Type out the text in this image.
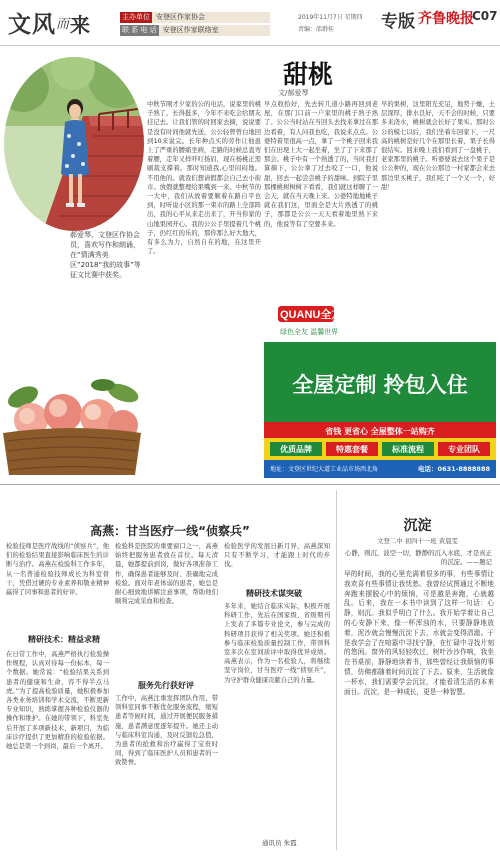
文风而来	主办单位 安登区作家协会
联 系 电 话 安登区作家联络室
2019年11月7日 星期四
责编：邵群桂	专版 齐鲁晚报
C07
郝爱琴，文登区作协会员，喜欢写作和朗诵，在“情满秀美区”2018“我的故事”等征文比赛中获奖。
甜桃
文/郝爱琴
中秋节刚才夕家的公的电话，说家里的桃子熟了，长得挺多，今年不来吃会给朋友挂记去。让我们管的时回家去摘，说说要是没有时间他就先送，公公轻曾曾白地回到10来说完。长年种点买的劳作让他患上了严重的腰痛坐病，走路的时候总直弯着腰，走年又样吓叮扬眉，现在杨桃正需刷裁支撑着。那时知道我,心里闷闷地。不用他的。就我们想请假都会自己去小街市。放假就整理给果嘴到一来。中秋节的一大中，我们从放着要顺着在路自平也到，时听说小区的那一束市的路上全部阵出，我的心平从来走出来了，开当你家的山地果园开心。我的公公手里提着几个桃子，仍红红的乐的，那你那么好大地大，有多么为力，自然自在的地，在这里开了。
早点收拾好，先去转几道小路再回到老屋，在那门口前一户家里的桃子熟子熟了。公公当时站在当回头去找来拿过在那边看着，有人问我也吃，我说来点点。公婆特着里很高一点，拿了一个桃子回来我们在田埂上大一起坐着，坐了了下来那了那会。桃子中有一个熟透了的，当时我打算摘下，公公拿了过去咬了一口，他说甜，回去一起尝尝桃子的甜味。到院子里那棵桃树树树下看看，我们就这样聊了一会天，就在当天晚上来。公婆特地地桃子就在我们这，里面全是大片熟透了的桃子，那都是公公一天天看着地里熟下来的，他说等有了空要多来。
早的果树，这里阳光充足，地势干燥，土层深厚，排水良好，天不会的时候，只要多来浇水，桃树就会长好了果实。那时公公的模七以后，我们坐着车回家下，一尺高的桃树是好几个在那里长着，果子长得很结实。回来晚上我们看到了一盘桃子，老家那里的桃子。听婆婆说去这个果子是公公种的，现在公公那边一村家都会来去那边里买桃子，我们吃了一个又一个，好甜！
QUANU全友家居
绿色全友 温馨世界
全屋定制 拎包入住
省钱 更省心 全屋整体一站购齐
优质品牌	特惠套餐	标准流程	专业团队
地址：文登区世纪大道工业品市场西北角	电话：0631-8888888
高燕：甘当医疗一线“侦察兵”
检验技师是医疗战线的“侦察兵”，他们的检验结果直接影响临床医生的诊断与治疗。高燕在检验科工作多年，从一名普通检验技师成长为科室骨干，凭借过硬的专业素养和敬业精神赢得了同事和患者的好评。
精研技术：精益求精
在日常工作中，高燕严格执行检验操作规程，认真对待每一份标本，每一个数据。她常说：“检验结果关系到患者的健康和生命，容不得半点马虎。”为了提高检验质量，她积极参加各类业务培训和学术交流，不断更新专业知识，熟练掌握各种检验仪器的操作和维护。在她的带领下，科室先后开展了多项新技术、新项目，为临床诊疗提供了更加精准的检验依据。她总是第一个到岗，最后一个离开。
检验科是医院的重要窗口之一，高燕始终把服务患者放在首位。每天清晨，她都提前到岗，做好各项准备工作，确保患者能够及时、准确地完成检验。面对年老体弱的患者，她总是耐心细致地讲解注意事项，帮助他们顺利完成采血和检查。
服务先行获好评
工作中，高燕注重发挥团队作用，带领科室同事不断优化服务流程，缩短患者等候时间，通过开展便民服务措施，患者满意度逐年提升。她还主动与临床科室沟通，及时反馈危急值，为患者的抢救和治疗赢得了宝贵时间，得到了临床医护人员和患者的一致赞誉。
检验医学的发展日新月异，高燕深知只有不断学习，才能跟上时代的步伐。
精研技术谋突破
多年来，她结合临床实际，积极开展科研工作，先后在国家级、省级期刊上发表了多篇专业论文，参与完成的科研项目获得了相关奖项。她还积极参与临床检验质量控制工作，带领科室多次在室间质评中取得优异成绩。高燕表示，作为一名检验人，将继续坚守岗位，甘当医疗一线“侦察兵”，为守护群众健康贡献自己的力量。
通讯员 朱霞
沉淀
文登二中 初四十一班 黄晨雯
心静，则沉，波空一切，静静的沉入水底，才是真正的沉淀。——题记
早的时间，我的心里充满着很多的事，有些事情让我欢喜有些事情让我忧愁。我曾经试图通过不断地奔跑来摆脱心中的烦恼，可是越是奔跑，心就越乱。后来，我在一本书中读到了这样一句话：心静，则沉。我似乎明白了什么。我开始学着让自己的心安静下来，像一杯浑浊的水，只要静静地放着，泥沙就会慢慢沉淀下去，水就会变得清澈。于是我学会了在喧嚣中寻找宁静，在忙碌中寻找片刻的悠闲。窗外的风轻轻吹过，树叶沙沙作响，我坐在书桌前，静静地读着书，那些曾经让我烦恼的事情，仿佛都随着时间沉淀了下去。原来，生活就像一杯水，我们需要学会沉淀，才能看清生活的本来面目。沉淀，是一种成长，更是一种智慧。
